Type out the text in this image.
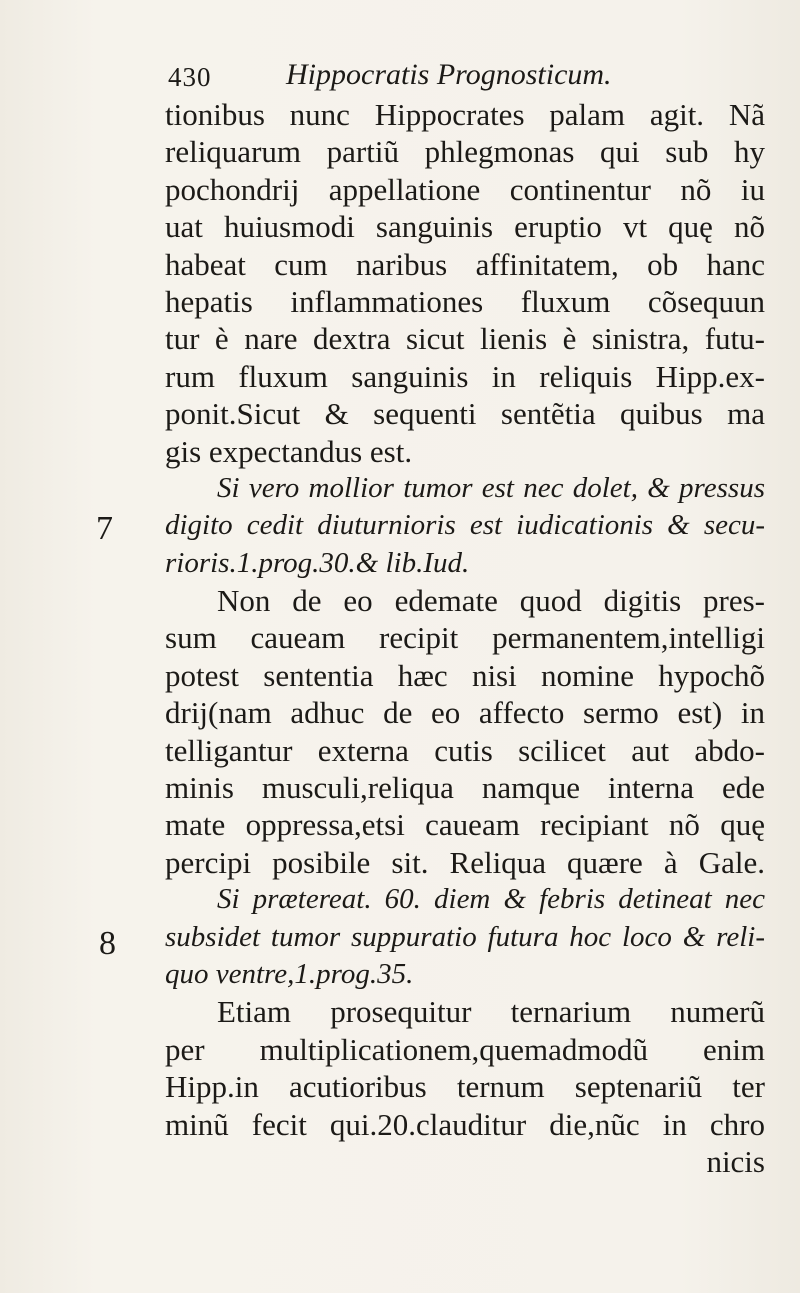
430 Hippocratis Prognosticum.
7
8
tionibus nunc Hippocrates palam agit. Nã
reliquarum partiũ phlegmonas qui sub hy
pochondrij appellatione continentur nõ iu
uat huiusmodi sanguinis eruptio vt quę nõ
habeat cum naribus affinitatem, ob hanc
hepatis inflammationes fluxum cõsequun
tur è nare dextra sicut lienis è sinistra, futu-
rum fluxum sanguinis in reliquis Hipp.ex-
ponit.Sicut & sequenti sentẽtia quibus ma
gis expectandus est.
Si vero mollior tumor est nec dolet, & pressus
digito cedit diuturnioris est iudicationis & secu-
rioris.1.prog.30.& lib.Iud.
Non de eo edemate quod digitis pres-
sum caueam recipit permanentem,intelligi
potest sententia hæc nisi nomine hypochõ
drij(nam adhuc de eo affecto sermo est) in
telligantur externa cutis scilicet aut abdo-
minis musculi,reliqua namque interna ede
mate oppressa,etsi caueam recipiant nõ quę
percipi posibile sit. Reliqua quære à Gale.
Si prætereat. 60. diem & febris detineat nec
subsidet tumor suppuratio futura hoc loco & reli-
quo ventre,1.prog.35.
Etiam prosequitur ternarium numerũ
per multiplicationem,quemadmodũ enim
Hipp.in acutioribus ternum septenariũ ter
minũ fecit qui.20.clauditur die,nũc in chro
nicis
